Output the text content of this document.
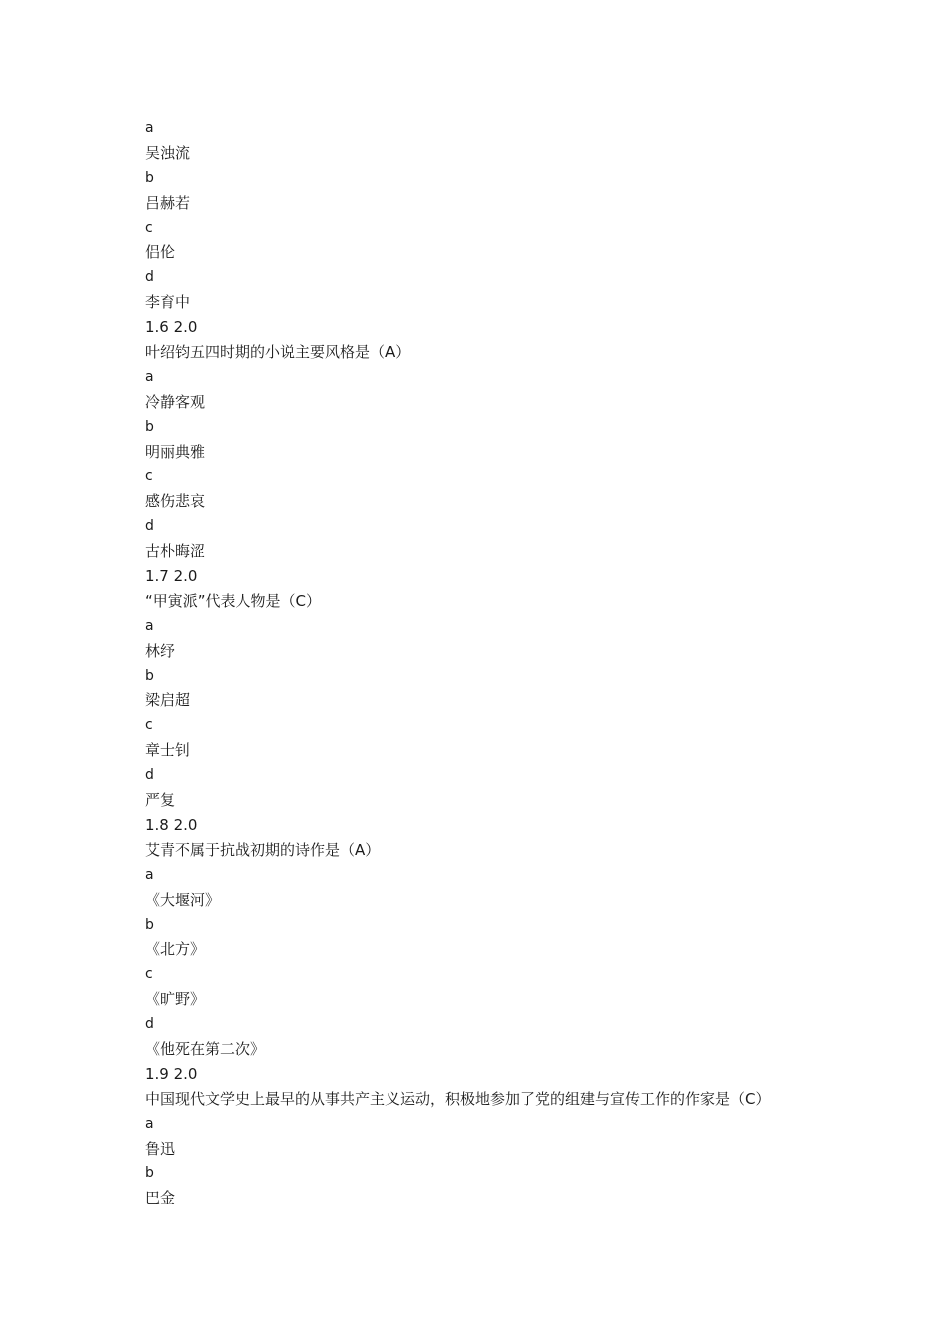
a
吴浊流
b
吕赫若
c
侣伦
d
李育中
1.6 2.0
叶绍钧五四时期的小说主要风格是（A）
a
冷静客观
b
明丽典雅
c
感伤悲哀
d
古朴晦涩
1.7 2.0
“甲寅派”代表人物是（C）
a
林纾
b
梁启超
c
章士钊
d
严复
1.8 2.0
艾青不属于抗战初期的诗作是（A）
a
《大堰河》
b
《北方》
c
《旷野》
d
《他死在第二次》
1.9 2.0
中国现代文学史上最早的从事共产主义运动，积极地参加了党的组建与宣传工作的作家是（C）
a
鲁迅
b
巴金
